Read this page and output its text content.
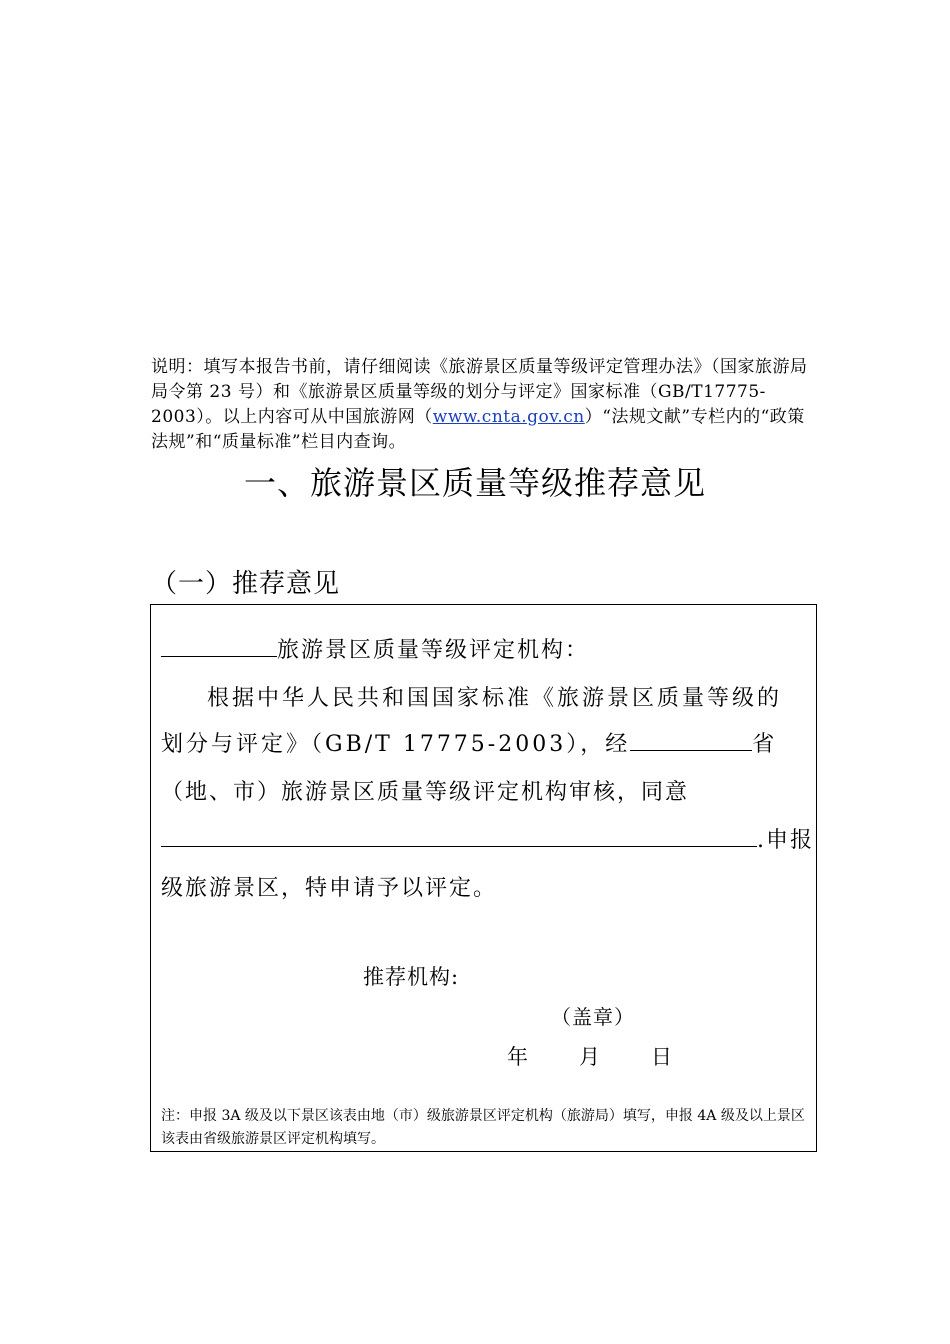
说明：填写本报告书前，请仔细阅读《旅游景区质量等级评定管理办法》（国家旅游局局令第 23 号）和《旅游景区质量等级的划分与评定》国家标准（GB/T17775-2003）。以上内容可从中国旅游网（www.cnta.gov.cn）“法规文献”专栏内的“政策法规”和“质量标准”栏目内查询。
一、旅游景区质量等级推荐意见
（一）推荐意见
旅游景区质量等级评定机构：
根据中华人民共和国国家标准《旅游景区质量等级的
划分与评定》（GB/T 17775-2003），经	省
（地、市）旅游景区质量等级评定机构审核，同意
.申报
级旅游景区，特申请予以评定。
推荐机构:
（盖章）
年 月 日
注：申报 3A 级及以下景区该表由地（市）级旅游景区评定机构（旅游局）填写，申报 4A 级及以上景区该表由省级旅游景区评定机构填写。
